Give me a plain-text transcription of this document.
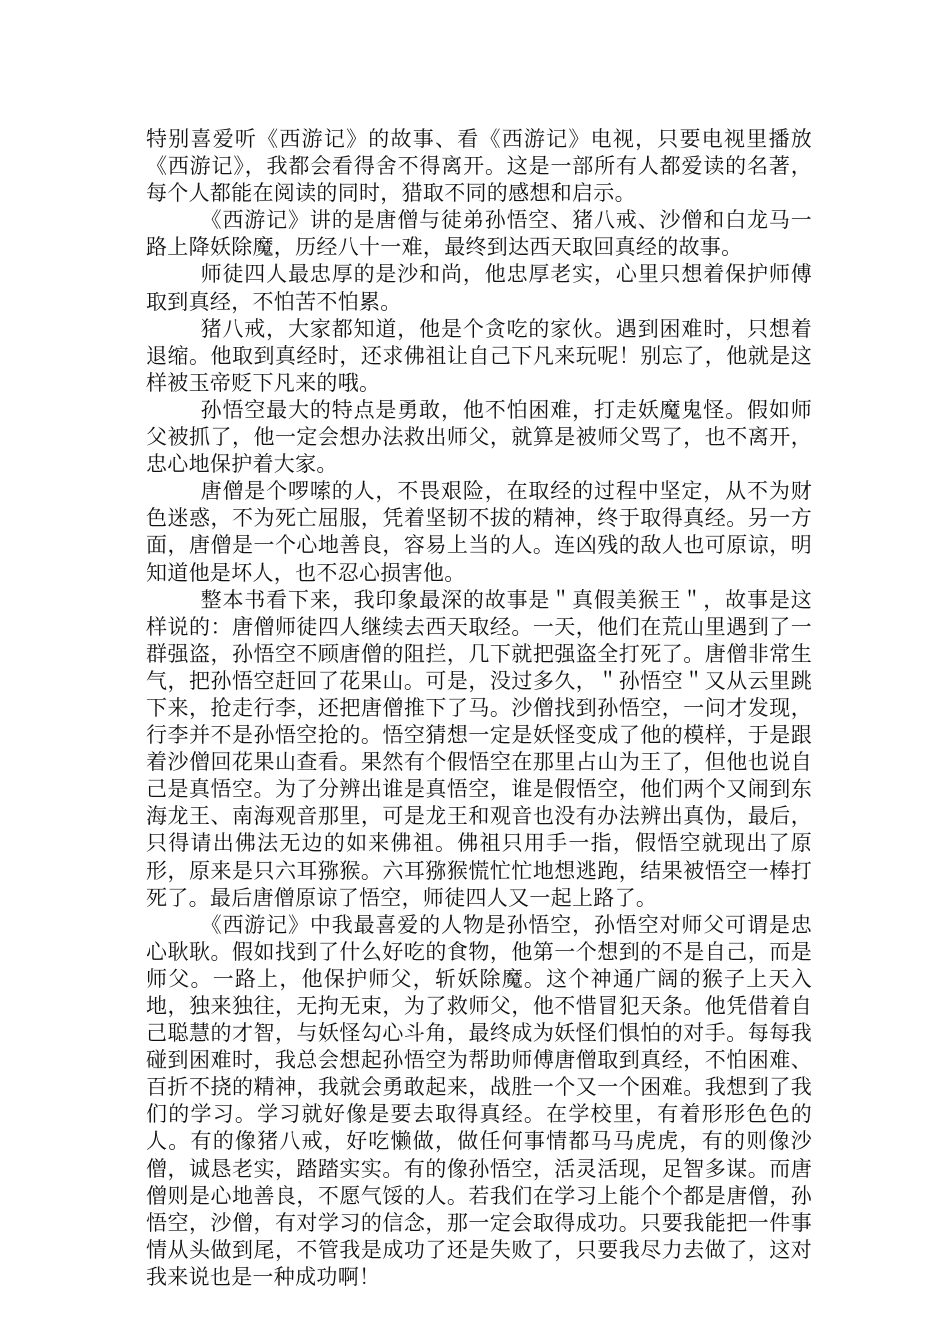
特别喜爱听《西游记》的故事、看《西游记》电视，只要电视里播放《西游记》，我都会看得舍不得离开。这是一部所有人都爱读的名著，每个人都能在阅读的同时，猎取不同的感想和启示。

《西游记》讲的是唐僧与徒弟孙悟空、猪八戒、沙僧和白龙马一路上降妖除魔，历经八十一难，最终到达西天取回真经的故事。

师徒四人最忠厚的是沙和尚，他忠厚老实，心里只想着保护师傅取到真经，不怕苦不怕累。

猪八戒，大家都知道，他是个贪吃的家伙。遇到困难时，只想着退缩。他取到真经时，还求佛祖让自己下凡来玩呢！别忘了，他就是这样被玉帝贬下凡来的哦。

孙悟空最大的特点是勇敢，他不怕困难，打走妖魔鬼怪。假如师父被抓了，他一定会想办法救出师父，就算是被师父骂了，也不离开，忠心地保护着大家。

唐僧是个啰嗦的人，不畏艰险，在取经的过程中坚定，从不为财色迷惑，不为死亡屈服，凭着坚韧不拔的精神，终于取得真经。另一方面，唐僧是一个心地善良，容易上当的人。连凶残的敌人也可原谅，明知道他是坏人，也不忍心损害他。

整本书看下来，我印象最深的故事是＂真假美猴王＂，故事是这样说的：唐僧师徒四人继续去西天取经。一天，他们在荒山里遇到了一群强盗，孙悟空不顾唐僧的阻拦，几下就把强盗全打死了。唐僧非常生气，把孙悟空赶回了花果山。可是，没过多久，＂孙悟空＂又从云里跳下来，抢走行李，还把唐僧推下了马。沙僧找到孙悟空，一问才发现，行李并不是孙悟空抢的。悟空猜想一定是妖怪变成了他的模样，于是跟着沙僧回花果山查看。果然有个假悟空在那里占山为王了，但他也说自己是真悟空。为了分辨出谁是真悟空，谁是假悟空，他们两个又闹到东海龙王、南海观音那里，可是龙王和观音也没有办法辨出真伪，最后，只得请出佛法无边的如来佛祖。佛祖只用手一指，假悟空就现出了原形，原来是只六耳猕猴。六耳猕猴慌忙忙地想逃跑，结果被悟空一棒打死了。最后唐僧原谅了悟空，师徒四人又一起上路了。

《西游记》中我最喜爱的人物是孙悟空，孙悟空对师父可谓是忠心耿耿。假如找到了什么好吃的食物，他第一个想到的不是自己，而是师父。一路上，他保护师父，斩妖除魔。这个神通广阔的猴子上天入地，独来独往，无拘无束，为了救师父，他不惜冒犯天条。他凭借着自己聪慧的才智，与妖怪勾心斗角，最终成为妖怪们惧怕的对手。每每我碰到困难时，我总会想起孙悟空为帮助师傅唐僧取到真经，不怕困难、百折不挠的精神，我就会勇敢起来，战胜一个又一个困难。我想到了我们的学习。学习就好像是要去取得真经。在学校里，有着形形色色的人。有的像猪八戒，好吃懒做，做任何事情都马马虎虎，有的则像沙僧，诚恳老实，踏踏实实。有的像孙悟空，活灵活现，足智多谋。而唐僧则是心地善良，不愿气馁的人。若我们在学习上能个个都是唐僧，孙悟空，沙僧，有对学习的信念，那一定会取得成功。只要我能把一件事情从头做到尾，不管我是成功了还是失败了，只要我尽力去做了，这对我来说也是一种成功啊！
